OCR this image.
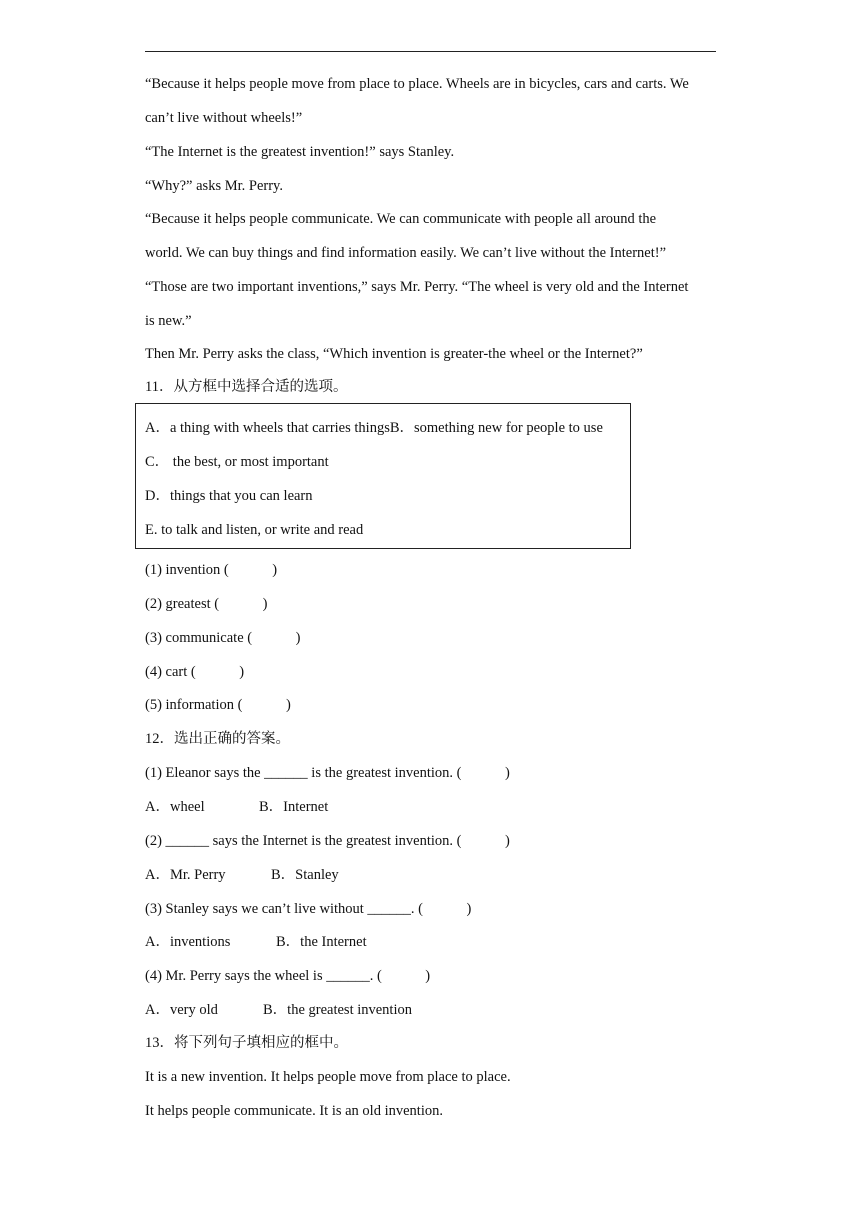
“Because it helps people move from place to place. Wheels are in bicycles, cars and carts. We
can’t live without wheels!”
“The Internet is the greatest invention!” says Stanley.
“Why?” asks Mr. Perry.
“Because it helps people communicate. We can communicate with people all around the
world. We can buy things and find information easily. We can’t live without the Internet!”
“Those are two important inventions,” says Mr. Perry. “The wheel is very old and the Internet
is new.”
Then Mr. Perry asks the class, “Which invention is greater-the wheel or the Internet?”
11．从方框中选择合适的选项。
A．a thing with wheels that carries thingsB．something new for people to use
C． the best, or most important
D．things that you can learn
E. to talk and listen, or write and read
(1) invention (　　　)
(2) greatest (　　　)
(3) communicate (　　　)
(4) cart (　　　)
(5) information (　　　)
12．选出正确的答案。
(1) Eleanor says the ______ is the greatest invention. (　　　)
A．wheel	B．Internet
(2) ______ says the Internet is the greatest invention. (　　　)
A．Mr. Perry	B．Stanley
(3) Stanley says we can’t live without ______. (　　　)
A．inventions	B．the Internet
(4) Mr. Perry says the wheel is ______. (　　　)
A．very old	B．the greatest invention
13．将下列句子填相应的框中。
It is a new invention. It helps people move from place to place.
It helps people communicate. It is an old invention.
